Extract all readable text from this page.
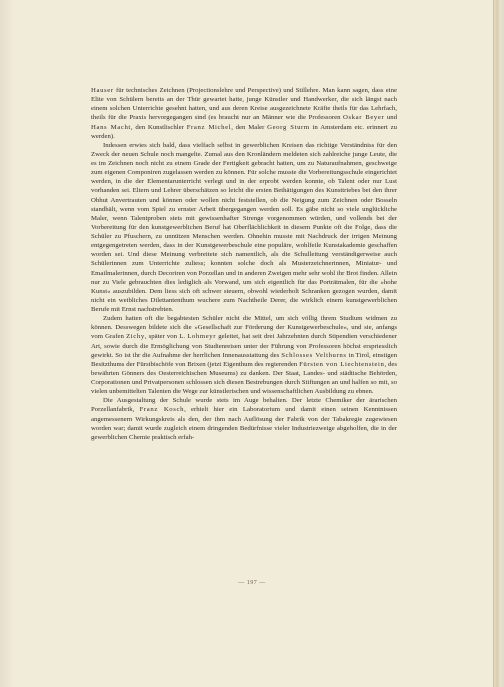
Hauser für technisches Zeichnen (Projectionslehre und Perspective) und Stillehre. Man kann sagen, dass eine Elite von Schülern bereits an der Thür gewartet hatte, junge Künstler und Handwerker, die sich längst nach einem solchen Unterrichte gesehnt hatten, und aus deren Kreise ausgezeichnete Kräfte theils für das Lehrfach, theils für die Praxis hervorgegangen sind (es braucht nur an Männer wie die Professoren Oskar Beyer und Hans Macht, den Kunstlischler Franz Michel, den Maler Georg Sturm in Amsterdam etc. erinnert zu werden).

Indessen erwies sich bald, dass vielfach selbst in gewerblichen Kreisen das richtige Verständniss für den Zweck der neuen Schule noch mangelte. Zumal aus den Kronländern meldeten sich zahlreiche junge Leute, die es im Zeichnen noch nicht zu einem Grade der Fertigkeit gebracht hatten, um zu Naturaufnahmen, geschweige zum eigenen Componiren zugelassen werden zu können. Für solche musste die Vorbereitungsschule eingerichtet werden, in die der Elementarunterricht verlegt und in der erprobt werden konnte, ob Talent oder nur Lust vorhanden sei. Eltern und Lehrer überschätzen so leicht die ersten Bethätigungen des Kunsttriebes bei den ihrer Obhut Anvertrauten und können oder wollen nicht feststellen, ob die Neigung zum Zeichnen oder Bosseln standhält, wenn vom Spiel zu ernster Arbeit übergegangen werden soll. Es gäbe nicht so viele unglückliche Maler, wenn Talentproben stets mit gewissenhafter Strenge vorgenommen würden, und vollends bei der Vorbereitung für den kunstgewerblichen Beruf hat Oberflächlichkeit in diesem Punkte oft die Folge, dass die Schüler zu Pfuschern, zu unnützen Menschen werden. Ohnehin musste mit Nachdruck der irrigen Meinung entgegengetreten werden, dass in der Kunstgewerbeschule eine populäre, wohlfeile Kunstakademie geschaffen worden sei. Und diese Meinung verbreitete sich namentlich, als die Schulleitung verständigerweise auch Schülerinnen zum Unterrichte zuliess; konnten solche doch als Musterzeichnerinnen, Miniatur- und Emailmalerinnen, durch Decoriren von Porzellan und in anderen Zweigen mehr sehr wohl ihr Brot finden. Allein nur zu Viele gebrauchten dies lediglich als Vorwand, um sich eigentlich für das Porträtmalen, für die »hohe Kunst« auszubilden. Dem liess sich oft schwer steuern, obwohl wiederholt Schranken gezogen wurden, damit nicht ein weibliches Dilettantenthum wuchere zum Nachtheile Derer, die wirklich einem kunstgewerblichen Berufe mit Ernst nachstrebten.

Zudem hatten oft die begabtesten Schüler nicht die Mittel, um sich völlig ihrem Studium widmen zu können. Desswegen bildete sich die »Gesellschaft zur Förderung der Kunstgewerbeschule«, und sie, anfangs vom Grafen Zichy, später von L. Lohmeyr geleitet, hat seit drei Jahrzehnten durch Stipendien verschiedener Art, sowie durch die Ermöglichung von Studienreisen unter der Führung von Professoren höchst erspriesslich gewirkt. So ist ihr die Aufnahme der herrlichen Innenausstattung des Schlosses Velthurns in Tirol, einstigen Besitzthums der Fürstbischöfe von Brixen (jetzt Eigenthum des regierenden Fürsten von Liechtenstein, des bewährten Gönners des Oesterreichischen Museums) zu danken. Der Staat, Landes- und städtische Behörden, Corporationen und Privatpersonen schlossen sich diesen Bestrebungen durch Stiftungen an und halfen so mit, so vielen unbemittelten Talenten die Wege zur künstlerischen und wissenschaftlichen Ausbildung zu ebnen.

Die Ausgestaltung der Schule wurde stets im Auge behalten. Der letzte Chemiker der ärarischen Porzellanfabrik, Franz Kosch, erhielt hier ein Laboratorium und damit einen seinen Kenntnissen angemessenern Wirkungskreis als den, der ihm nach Auflösung der Fabrik von der Tabakregie zugewiesen worden war; damit wurde zugleich einem dringenden Bedürfnisse vieler Industriezweige abgeholfen, die in der gewerblichen Chemie praktisch erfah-

— 197 —
